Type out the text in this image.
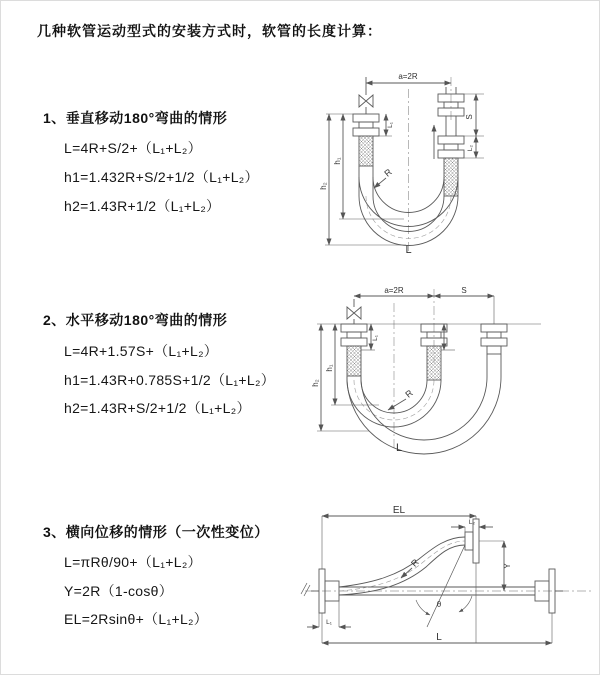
几种软管运动型式的安装方式时，软管的长度计算：
1、垂直移动180°弯曲的情形
L=4R+S/2+（L₁+L₂）
h1=1.432R+S/2+1/2（L₁+L₂）
h2=1.43R+1/2（L₁+L₂）
2、水平移动180°弯曲的情形
L=4R+1.57S+（L₁+L₂）
h1=1.43R+0.785S+1/2（L₁+L₂）
h2=1.43R+S/2+1/2（L₁+L₂）
3、横向位移的情形（一次性变位）
L=πRθ/90+（L₁+L₂）
Y=2R（1-cosθ）
EL=2Rsinθ+（L₁+L₂）
a=2R
h₁
h₂
L₁
S
L₂
R
L
a=2R	S
h₁
h₂
L₁
R
L
EL
L₂
Y
R
θ
L
L₁
